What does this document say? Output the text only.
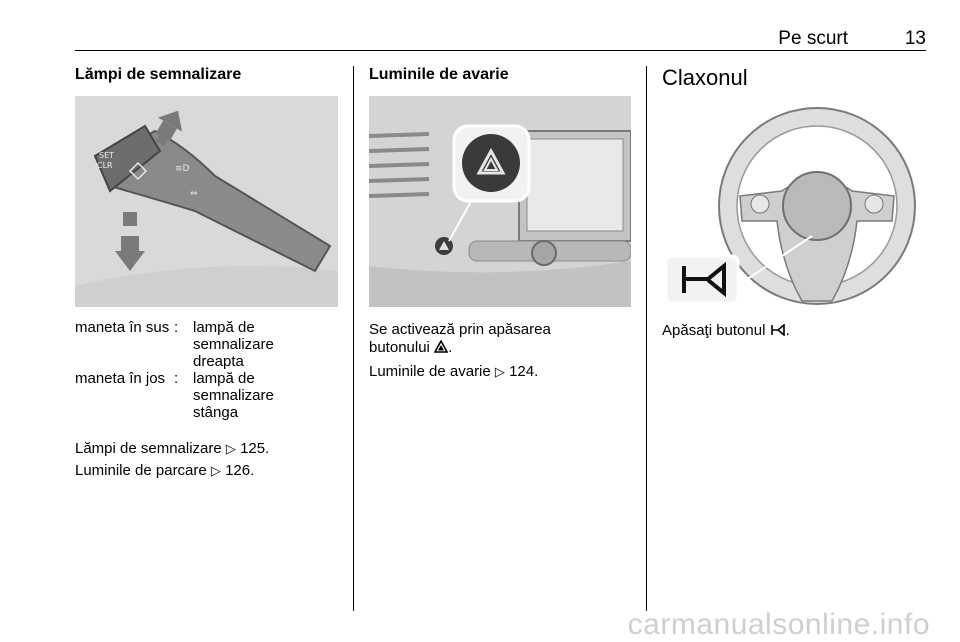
Pe scurt	13
Lămpi de semnalizare
SET
CLR	≡D
⇔
maneta în sus	:	lampă de semnalizare dreapta
maneta în jos	:	lampă de semnalizare stânga
Lămpi de semnalizare ▷ 125.
Luminile de parcare ▷ 126.
Luminile de avarie
Se activează prin apăsarea
butonului .
Luminile de avarie ▷ 124.
Claxonul
Apăsaţi butonul .
carmanualsonline.info
